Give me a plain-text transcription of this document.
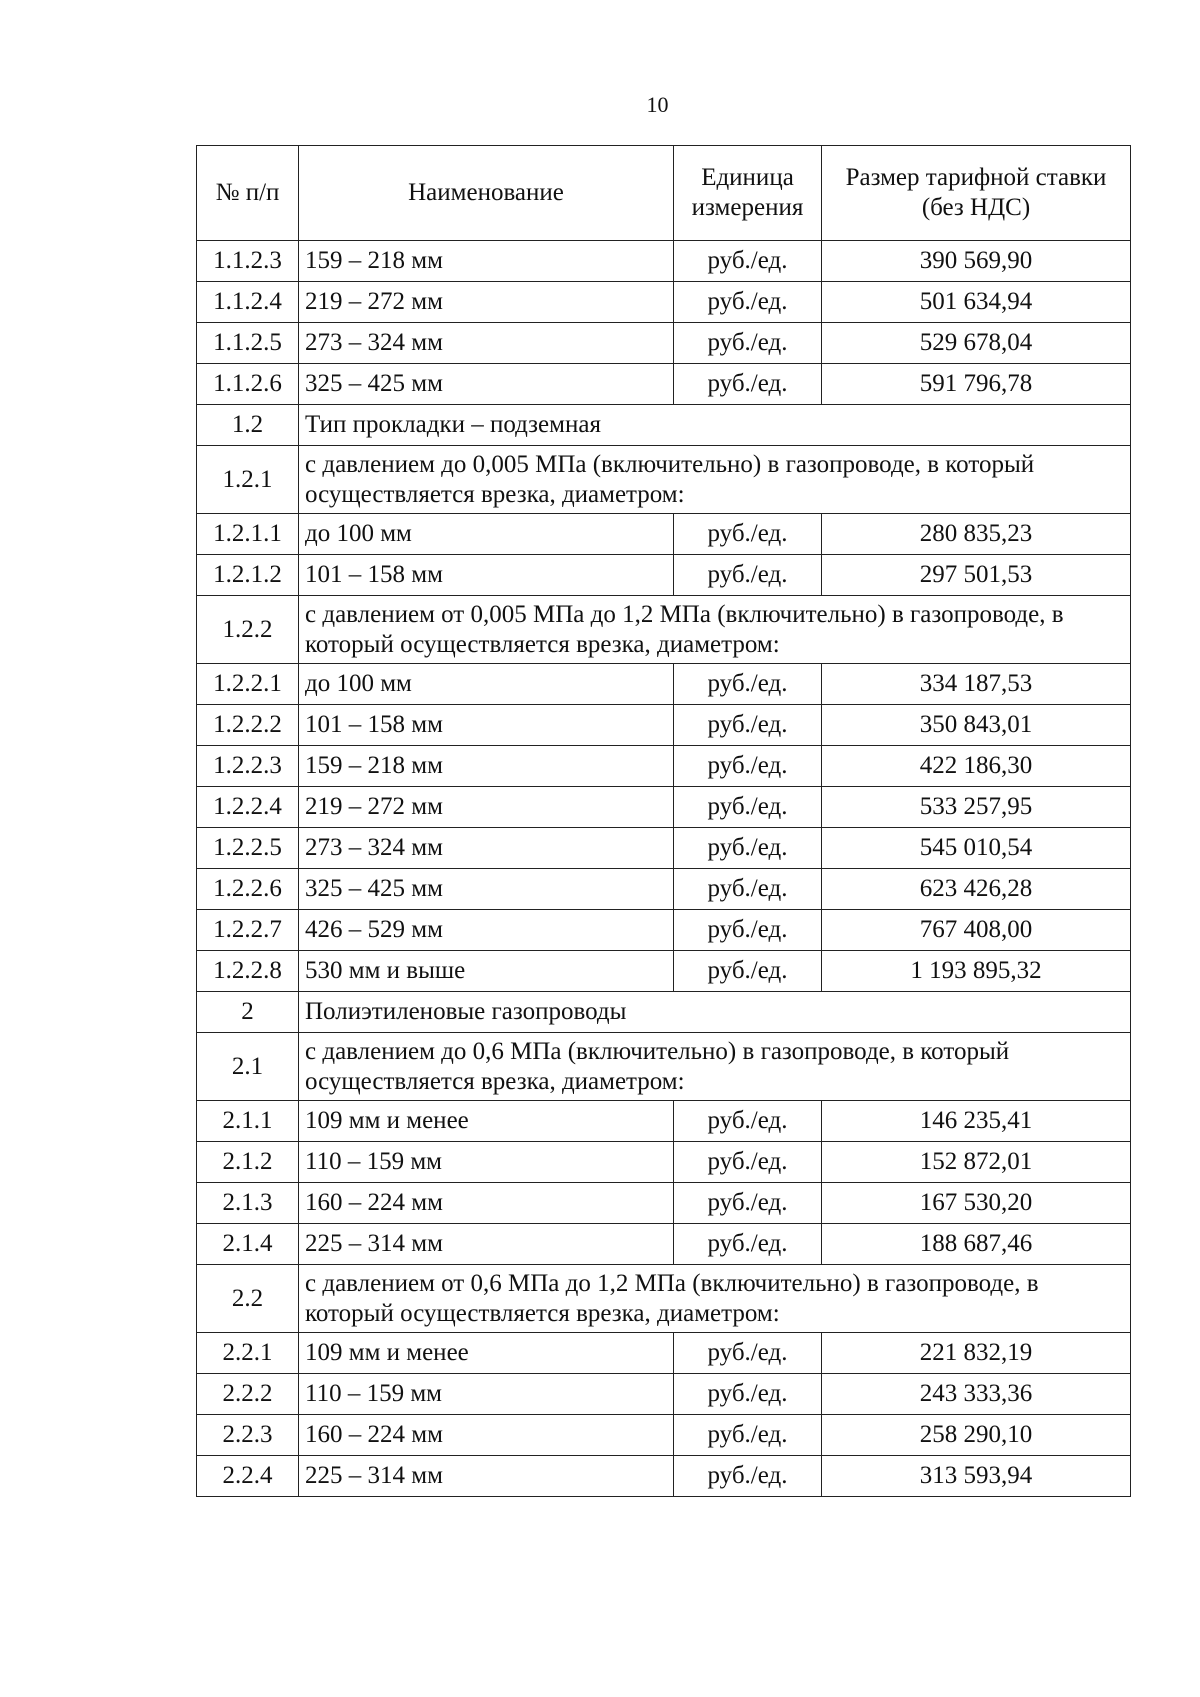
10
№ п/п	Наименование	Единица измерения	Размер тарифной ставки (без НДС)
1.1.2.3	159 – 218 мм	руб./ед.	390 569,90
1.1.2.4	219 – 272 мм	руб./ед.	501 634,94
1.1.2.5	273 – 324 мм	руб./ед.	529 678,04
1.1.2.6	325 – 425 мм	руб./ед.	591 796,78
1.2	Тип прокладки – подземная		
1.2.1	с давлением до 0,005 МПа (включительно) в газопроводе, в который осуществляется врезка, диаметром:		
1.2.1.1	до 100 мм	руб./ед.	280 835,23
1.2.1.2	101 – 158 мм	руб./ед.	297 501,53
1.2.2	с давлением от 0,005 МПа до 1,2 МПа (включительно) в газопроводе, в который осуществляется врезка, диаметром:		
1.2.2.1	до 100 мм	руб./ед.	334 187,53
1.2.2.2	101 – 158 мм	руб./ед.	350 843,01
1.2.2.3	159 – 218 мм	руб./ед.	422 186,30
1.2.2.4	219 – 272 мм	руб./ед.	533 257,95
1.2.2.5	273 – 324 мм	руб./ед.	545 010,54
1.2.2.6	325 – 425 мм	руб./ед.	623 426,28
1.2.2.7	426 – 529 мм	руб./ед.	767 408,00
1.2.2.8	530 мм и выше	руб./ед.	1 193 895,32
2	Полиэтиленовые газопроводы		
2.1	с давлением до 0,6 МПа (включительно) в газопроводе, в который осуществляется врезка, диаметром:		
2.1.1	109 мм и менее	руб./ед.	146 235,41
2.1.2	110 – 159 мм	руб./ед.	152 872,01
2.1.3	160 – 224 мм	руб./ед.	167 530,20
2.1.4	225 – 314 мм	руб./ед.	188 687,46
2.2	с давлением от 0,6 МПа до 1,2 МПа (включительно) в газопроводе, в который осуществляется врезка, диаметром:		
2.2.1	109 мм и менее	руб./ед.	221 832,19
2.2.2	110 – 159 мм	руб./ед.	243 333,36
2.2.3	160 – 224 мм	руб./ед.	258 290,10
2.2.4	225 – 314 мм	руб./ед.	313 593,94
